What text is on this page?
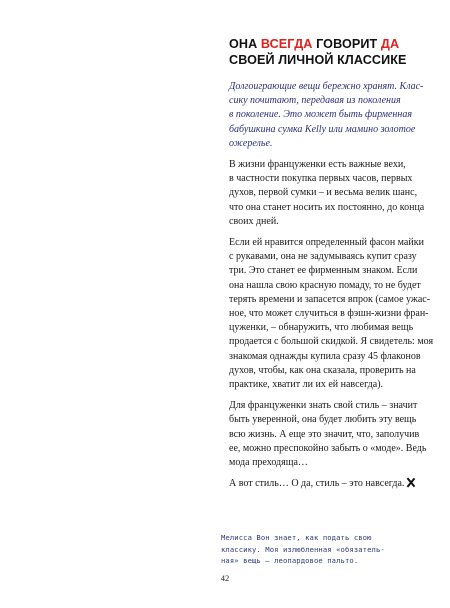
ОНА ВСЕГДА ГОВОРИТ ДА
СВОЕЙ ЛИЧНОЙ КЛАССИКЕ
Долгоиграющие вещи бережно хранят. Клас-
сику почитают, передавая из поколения
в поколение. Это может быть фирменная
бабушкина сумка Kelly или мамино золотое
ожерелье.

В жизни француженки есть важные вехи,
в частности покупка первых часов, первых
духов, первой сумки – и весьма велик шанс,
что она станет носить их постоянно, до конца
своих дней.

Если ей нравится определенный фасон майки
с рукавами, она не задумываясь купит сразу
три. Это станет ее фирменным знаком. Если
она нашла свою красную помаду, то не будет
терять времени и запасется впрок (самое ужас-
ное, что может случиться в фэшн-жизни фран-
цуженки, – обнаружить, что любимая вещь
продается с большой скидкой. Я свидетель: моя
знакомая однажды купила сразу 45 флаконов
духов, чтобы, как она сказала, проверить на
практике, хватит ли их ей навсегда).

Для француженки знать свой стиль – значит
быть уверенной, она будет любить эту вещь
всю жизнь. А еще это значит, что, заполучив
ее, можно преспокойно забыть о «моде». Ведь
мода преходяща…

А вот стиль… О да, стиль – это навсегда.

Мелисса Вон знает, как подать свою
классику. Моя излюбленная «обязатель-
ная» вещь – леопардовое пальто.
42
